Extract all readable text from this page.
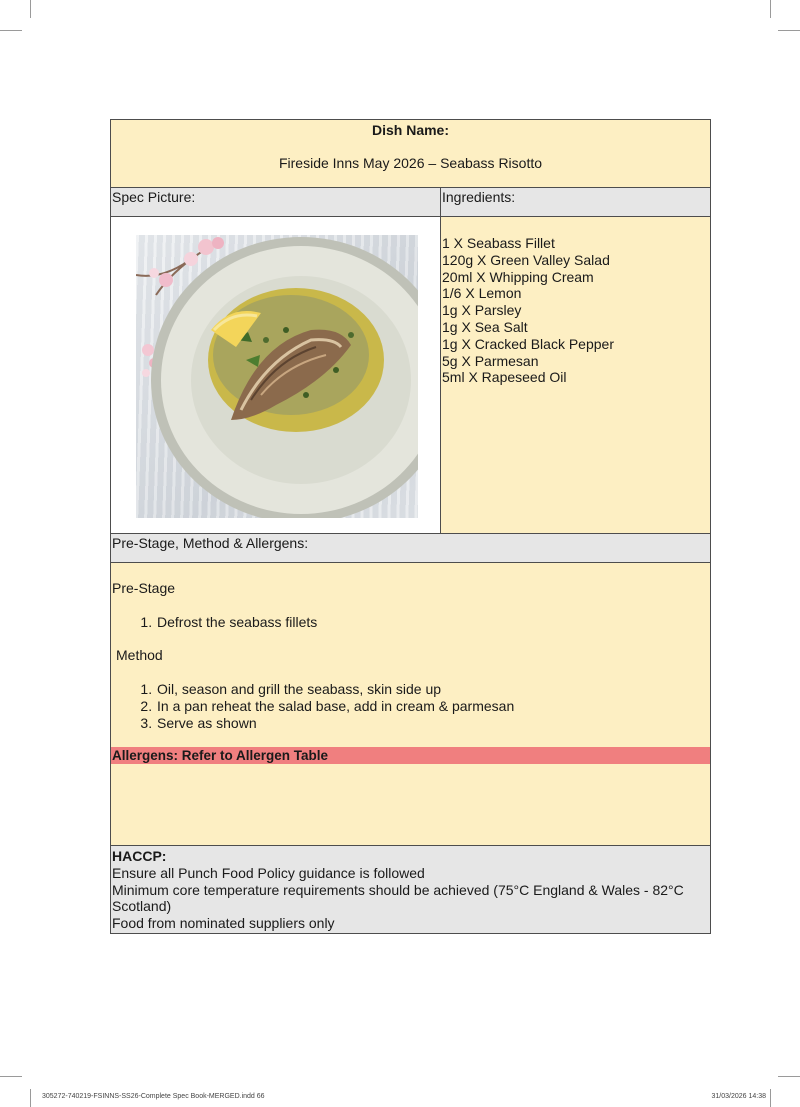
Dish Name:
Fireside Inns May 2026 – Seabass Risotto
Spec Picture:	Ingredients:
1 X Seabass Fillet
120g X Green Valley Salad
20ml X Whipping Cream
1/6 X Lemon
1g X Parsley
1g X Sea Salt
1g X Cracked Black Pepper
5g X Parmesan
5ml X Rapeseed Oil
Pre-Stage, Method & Allergens:
Pre-Stage
1. Defrost the seabass fillets
Method
1. Oil, season and grill the seabass, skin side up
2. In a pan reheat the salad base, add in cream & parmesan
3. Serve as shown
Allergens: Refer to Allergen Table
HACCP:
Ensure all Punch Food Policy guidance is followed
Minimum core temperature requirements should be achieved (75°C England & Wales - 82°C Scotland)
Food from nominated suppliers only
305272-740219-FSINNS-SS26-Complete Spec Book-MERGED.indd 66	31/03/2026 14:38
